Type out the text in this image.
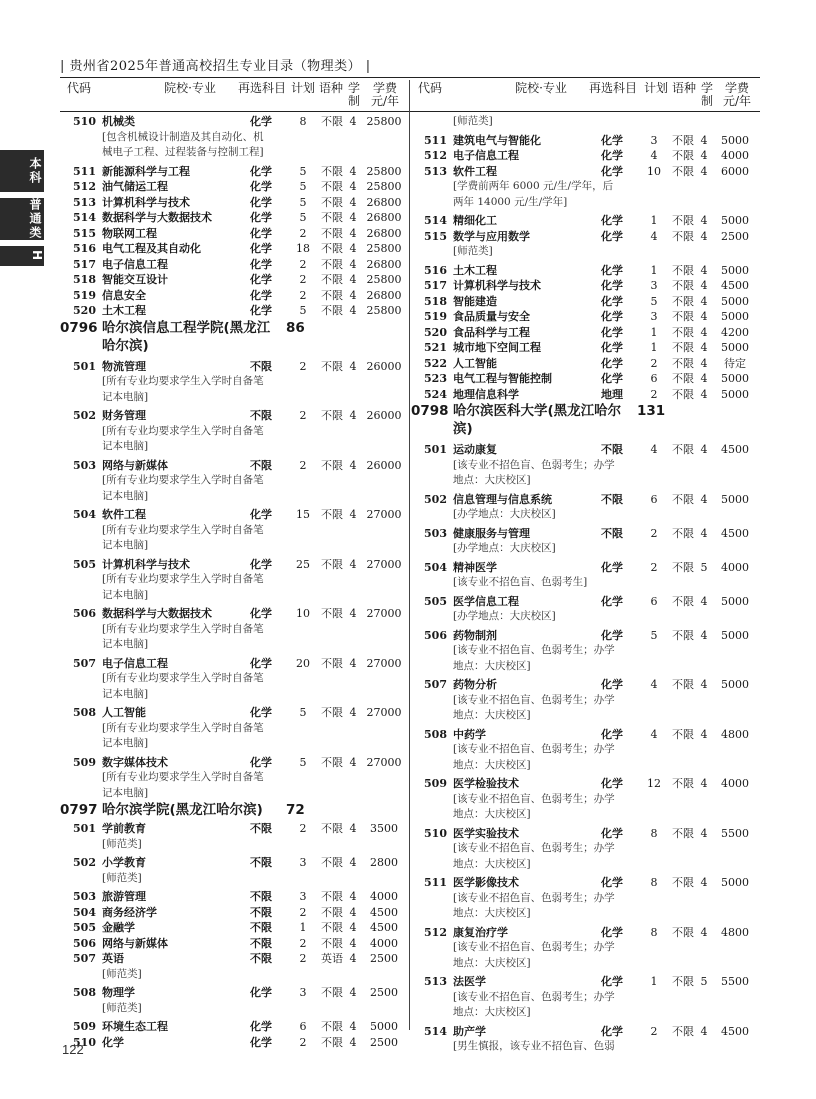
本科
普通类
H
| 贵州省2025年普通高校招生专业目录（物理类） |
代码	院校·专业	再选科目 计划 语种 学
制
学费
元/年
代码	院校·专业	再选科目 计划 语种 学
制
学费
元/年
510 机械类	化学	8	不限 4 25800
[包含机械设计制造及其自动化、机
械电子工程、过程装备与控制工程]
511 新能源科学与工程	化学	5	不限 4 25800
512 油气储运工程	化学	5	不限 4 25800
513 计算机科学与技术	化学	5	不限 4 26800
514 数据科学与大数据技术	化学	5	不限 4 26800
515 物联网工程	化学	2	不限 4 26800
516 电气工程及其自动化	化学	18	不限 4 25800
517 电子信息工程	化学	2	不限 4 26800
518 智能交互设计	化学	2	不限 4 25800
519 信息安全	化学	2	不限 4 26800
520 土木工程	化学	5	不限 4 25800
0796 哈尔滨信息工程学院(黑龙江 86
哈尔滨)
501 物流管理	不限	2	不限 4 26000
[所有专业均要求学生入学时自备笔
记本电脑]
502 财务管理	不限	2	不限 4 26000
[所有专业均要求学生入学时自备笔
记本电脑]
503 网络与新媒体	不限	2	不限 4 26000
[所有专业均要求学生入学时自备笔
记本电脑]
504 软件工程	化学	15	不限 4 27000
[所有专业均要求学生入学时自备笔
记本电脑]
505 计算机科学与技术	化学	25	不限 4 27000
[所有专业均要求学生入学时自备笔
记本电脑]
506 数据科学与大数据技术	化学	10	不限 4 27000
[所有专业均要求学生入学时自备笔
记本电脑]
507 电子信息工程	化学	20	不限 4 27000
[所有专业均要求学生入学时自备笔
记本电脑]
508 人工智能	化学	5	不限 4 27000
[所有专业均要求学生入学时自备笔
记本电脑]
509 数字媒体技术	化学	5	不限 4 27000
[所有专业均要求学生入学时自备笔
记本电脑]
0797 哈尔滨学院(黑龙江哈尔滨) 72
501 学前教育	不限	2	不限 4	3500
[师范类]
502 小学教育	不限	3	不限 4	2800
[师范类]
503 旅游管理	不限	3	不限 4	4000
504 商务经济学	不限	2	不限 4	4500
505 金融学	不限	1	不限 4	4500
506 网络与新媒体	不限	2	不限 4	4000
507 英语	不限	2	英语 4	2500
[师范类]
508 物理学	化学	3	不限 4	2500
[师范类]
509 环境生态工程	化学	6	不限 4	5000
510 化学	化学	2	不限 4	2500
[师范类]
511 建筑电气与智能化	化学	3	不限 4	5000
512 电子信息工程	化学	4	不限 4	4000
513 软件工程	化学	10	不限 4	6000
[学费前两年 6000 元/生/学年，后
两年 14000 元/生/学年]
514 精细化工	化学	1	不限 4	5000
515 数学与应用数学	化学	4	不限 4	2500
[师范类]
516 土木工程	化学	1	不限 4	5000
517 计算机科学与技术	化学	3	不限 4	4500
518 智能建造	化学	5	不限 4	5000
519 食品质量与安全	化学	3	不限 4	5000
520 食品科学与工程	化学	1	不限 4	4200
521 城市地下空间工程	化学	1	不限 4	5000
522 人工智能	化学	2	不限 4	待定
523 电气工程与智能控制	化学	6	不限 4	5000
524 地理信息科学	地理	2	不限 4	5000
0798 哈尔滨医科大学(黑龙江哈尔 131
滨)
501 运动康复	不限	4	不限 4	4500
[该专业不招色盲、色弱考生；办学
地点：大庆校区]
502 信息管理与信息系统	不限	6	不限 4	5000
[办学地点：大庆校区]
503 健康服务与管理	不限	2	不限 4	4500
[办学地点：大庆校区]
504 精神医学	化学	2	不限 5	4000
[该专业不招色盲、色弱考生]
505 医学信息工程	化学	6	不限 4	5000
[办学地点：大庆校区]
506 药物制剂	化学	5	不限 4	5000
[该专业不招色盲、色弱考生；办学
地点：大庆校区]
507 药物分析	化学	4	不限 4	5000
[该专业不招色盲、色弱考生；办学
地点：大庆校区]
508 中药学	化学	4	不限 4	4800
[该专业不招色盲、色弱考生；办学
地点：大庆校区]
509 医学检验技术	化学	12	不限 4	4000
[该专业不招色盲、色弱考生；办学
地点：大庆校区]
510 医学实验技术	化学	8	不限 4	5500
[该专业不招色盲、色弱考生；办学
地点：大庆校区]
511 医学影像技术	化学	8	不限 4	5000
[该专业不招色盲、色弱考生；办学
地点：大庆校区]
512 康复治疗学	化学	8	不限 4	4800
[该专业不招色盲、色弱考生；办学
地点：大庆校区]
513 法医学	化学	1	不限 5	5500
[该专业不招色盲、色弱考生；办学
地点：大庆校区]
514 助产学	化学	2	不限 4	4500
[男生慎报，该专业不招色盲、色弱
122
